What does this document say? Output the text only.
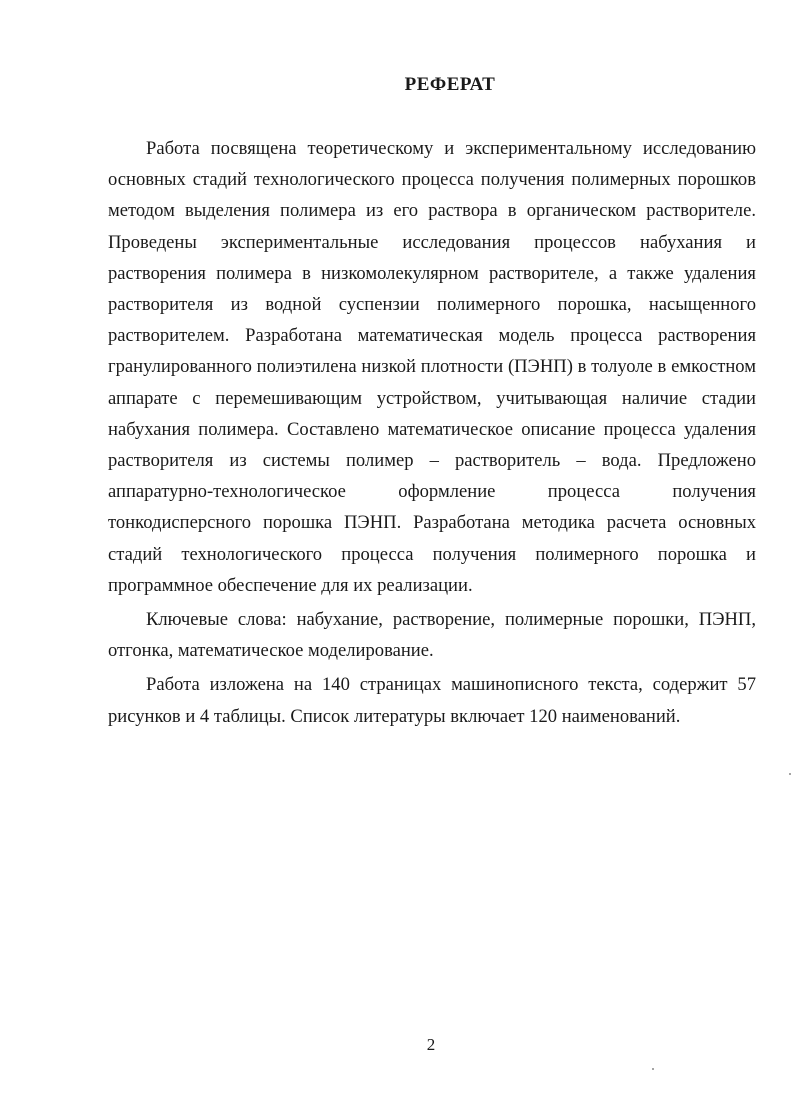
РЕФЕРАТ

Работа посвящена теоретическому и экспериментальному исследованию основных стадий технологического процесса получения полимерных порошков методом выделения полимера из его раствора в органическом растворителе. Проведены экспериментальные исследования процессов набухания и растворения полимера в низкомолекулярном растворителе, а также удаления растворителя из водной суспензии полимерного порошка, насыщенного растворителем. Разработана математическая модель процесса растворения гранулированного полиэтилена низкой плотности (ПЭНП) в толуоле в емкостном аппарате с перемешивающим устройством, учитывающая наличие стадии набухания полимера. Составлено математическое описание процесса удаления растворителя из системы полимер – растворитель – вода. Предложено аппаратурно-технологическое оформление процесса получения тонкодисперсного порошка ПЭНП. Разработана методика расчета основных стадий технологического процесса получения полимерного порошка и программное обеспечение для их реализации.

Ключевые слова: набухание, растворение, полимерные порошки, ПЭНП, отгонка, математическое моделирование.

Работа изложена на 140 страницах машинописного текста, содержит 57 рисунков и 4 таблицы. Список литературы включает 120 наименований.

2
